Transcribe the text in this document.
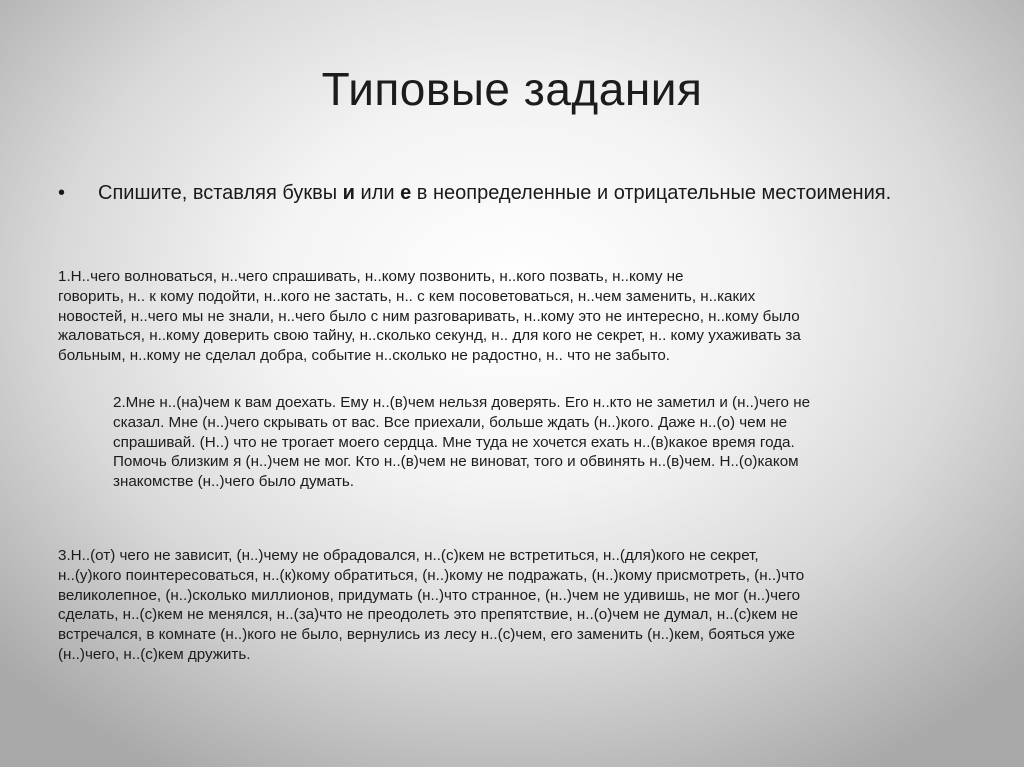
Типовые задания
•	Спишите, вставляя буквы и или е в неопределенные и отрицательные местоимения.
1.Н..чего волноваться, н..чего спрашивать, н..кому позвонить, н..кого позвать, н..кому не
говорить, н.. к кому подойти, н..кого не застать, н.. с кем посоветоваться, н..чем заменить, н..каких
новостей, н..чего мы не знали, н..чего было с ним разговаривать, н..кому это не интересно, н..кому было
жаловаться, н..кому доверить свою тайну, н..сколько секунд, н.. для кого не секрет, н.. кому ухаживать за
больным, н..кому не сделал добра, событие н..сколько не радостно, н.. что не забыто.
2.Мне н..(на)чем к вам доехать. Ему н..(в)чем нельзя доверять. Его н..кто не заметил и (н..)чего не
сказал. Мне (н..)чего скрывать от вас. Все приехали, больше ждать (н..)кого. Даже н..(о) чем не
спрашивай. (Н..) что не трогает моего сердца. Мне туда не хочется ехать н..(в)какое время года.
Помочь близким я (н..)чем не мог. Кто н..(в)чем не виноват, того и обвинять н..(в)чем. Н..(о)каком
знакомстве (н..)чего было думать.
3.Н..(от) чего не зависит, (н..)чему не обрадовался, н..(с)кем не встретиться, н..(для)кого не секрет,
н..(у)кого поинтересоваться, н..(к)кому обратиться, (н..)кому не подражать, (н..)кому присмотреть, (н..)что
великолепное, (н..)сколько миллионов, придумать (н..)что странное, (н..)чем не удивишь, не мог (н..)чего
сделать, н..(с)кем не менялся, н..(за)что не преодолеть это препятствие, н..(о)чем не думал, н..(с)кем не
встречался, в комнате (н..)кого не было, вернулись из лесу н..(с)чем, его заменить (н..)кем, бояться уже
(н..)чего, н..(с)кем дружить.
